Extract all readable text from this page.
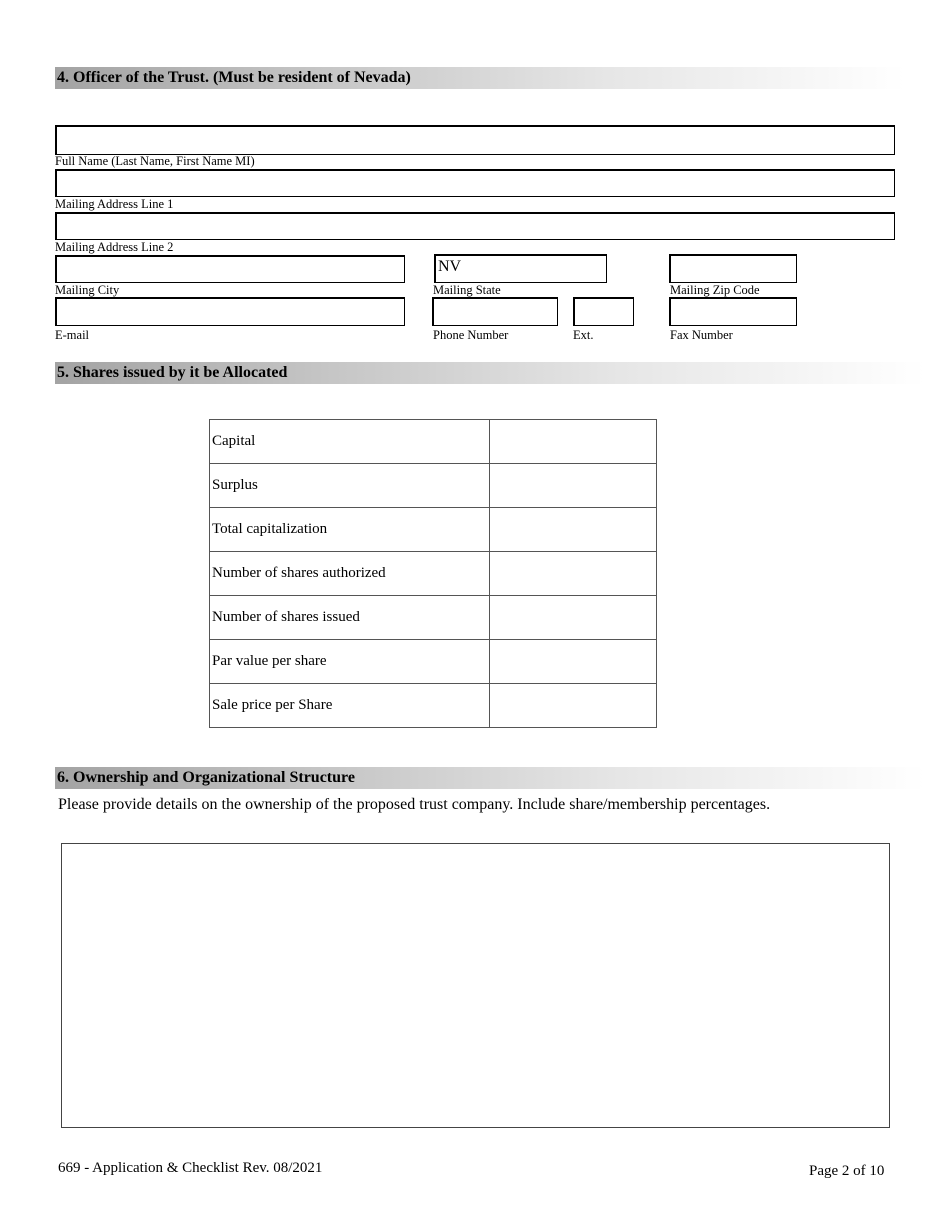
4. Officer of the Trust. (Must be resident of Nevada)
Full Name (Last Name, First Name MI)
Mailing Address Line 1
Mailing Address Line 2
Mailing City
NV
Mailing State	Mailing Zip Code
E-mail	Phone Number	Ext.	Fax Number
5. Shares issued by it be Allocated
Capital	
Surplus	
Total capitalization	
Number of shares authorized	
Number of shares issued	
Par value per share	
Sale price per Share	
6. Ownership and Organizational Structure
Please provide details on the ownership of the proposed trust company. Include share/membership percentages.
669 - Application & Checklist Rev. 08/2021	Page 2 of 10
